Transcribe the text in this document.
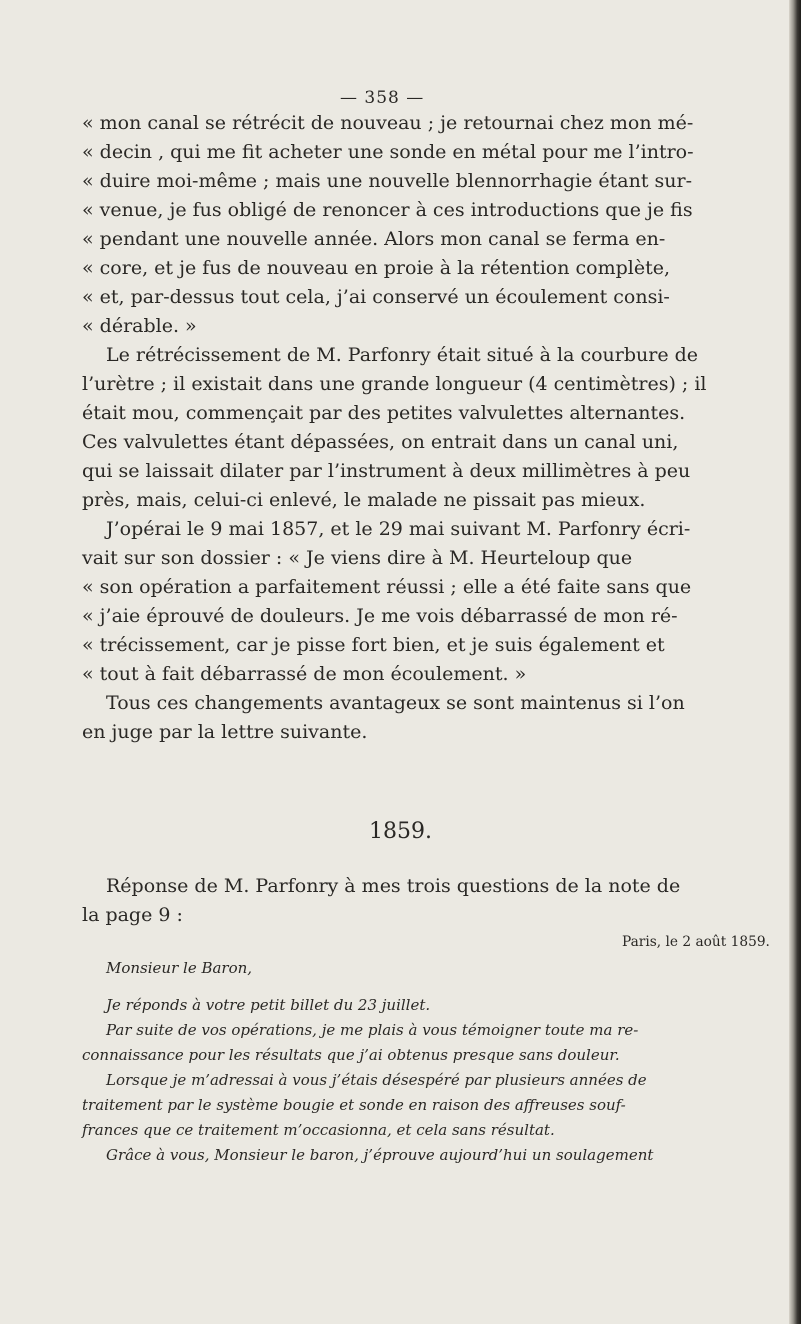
— 358 —
« mon canal se rétrécit de nouveau ; je retournai chez mon mé-
« decin , qui me fit acheter une sonde en métal pour me l’intro-
« duire moi-même ; mais une nouvelle blennorrhagie étant sur-
« venue, je fus obligé de renoncer à ces introductions que je fis
« pendant une nouvelle année. Alors mon canal se ferma en-
« core, et je fus de nouveau en proie à la rétention complète,
« et, par-dessus tout cela, j’ai conservé un écoulement consi-
« dérable. »
Le rétrécissement de M. Parfonry était situé à la courbure de
l’urètre ; il existait dans une grande longueur (4 centimètres) ; il
était mou, commençait par des petites valvulettes alternantes.
Ces valvulettes étant dépassées, on entrait dans un canal uni,
qui se laissait dilater par l’instrument à deux millimètres à peu
près, mais, celui-ci enlevé, le malade ne pissait pas mieux.
J’opérai le 9 mai 1857, et le 29 mai suivant M. Parfonry écri-
vait sur son dossier : « Je viens dire à M. Heurteloup que
« son opération a parfaitement réussi ; elle a été faite sans que
« j’aie éprouvé de douleurs. Je me vois débarrassé de mon ré-
« trécissement, car je pisse fort bien, et je suis également et
« tout à fait débarrassé de mon écoulement. »
Tous ces changements avantageux se sont maintenus si l’on
en juge par la lettre suivante.
1859.
Réponse de M. Parfonry à mes trois questions de la note de
la page 9 :
Paris, le 2 août 1859.
Monsieur le Baron,
Je réponds à votre petit billet du 23 juillet.
Par suite de vos opérations, je me plais à vous témoigner toute ma re-
connaissance pour les résultats que j’ai obtenus presque sans douleur.
Lorsque je m’adressai à vous j’étais désespéré par plusieurs années de
traitement par le système bougie et sonde en raison des affreuses souf-
frances que ce traitement m’occasionna, et cela sans résultat.
Grâce à vous, Monsieur le baron, j’éprouve aujourd’hui un soulagement
